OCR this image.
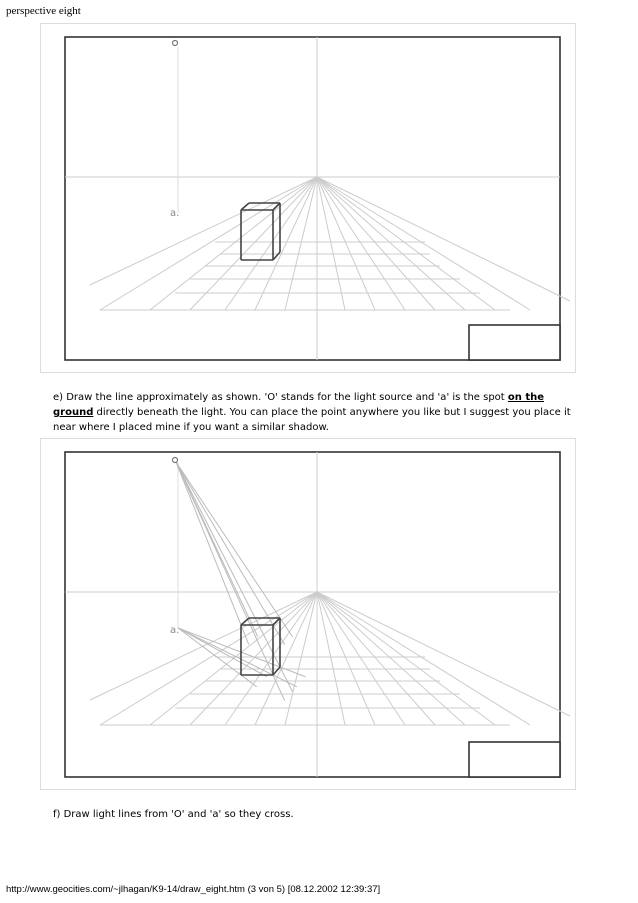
perspective eight
a.
e) Draw the line approximately as shown. 'O' stands for the light source and 'a' is the spot on the ground directly beneath the light. You can place the point anywhere you like but I suggest you place it near where I placed mine if you want a similar shadow.
a.
f) Draw light lines from 'O' and 'a' so they cross.
http://www.geocities.com/~jlhagan/K9-14/draw_eight.htm (3 von 5) [08.12.2002 12:39:37]
